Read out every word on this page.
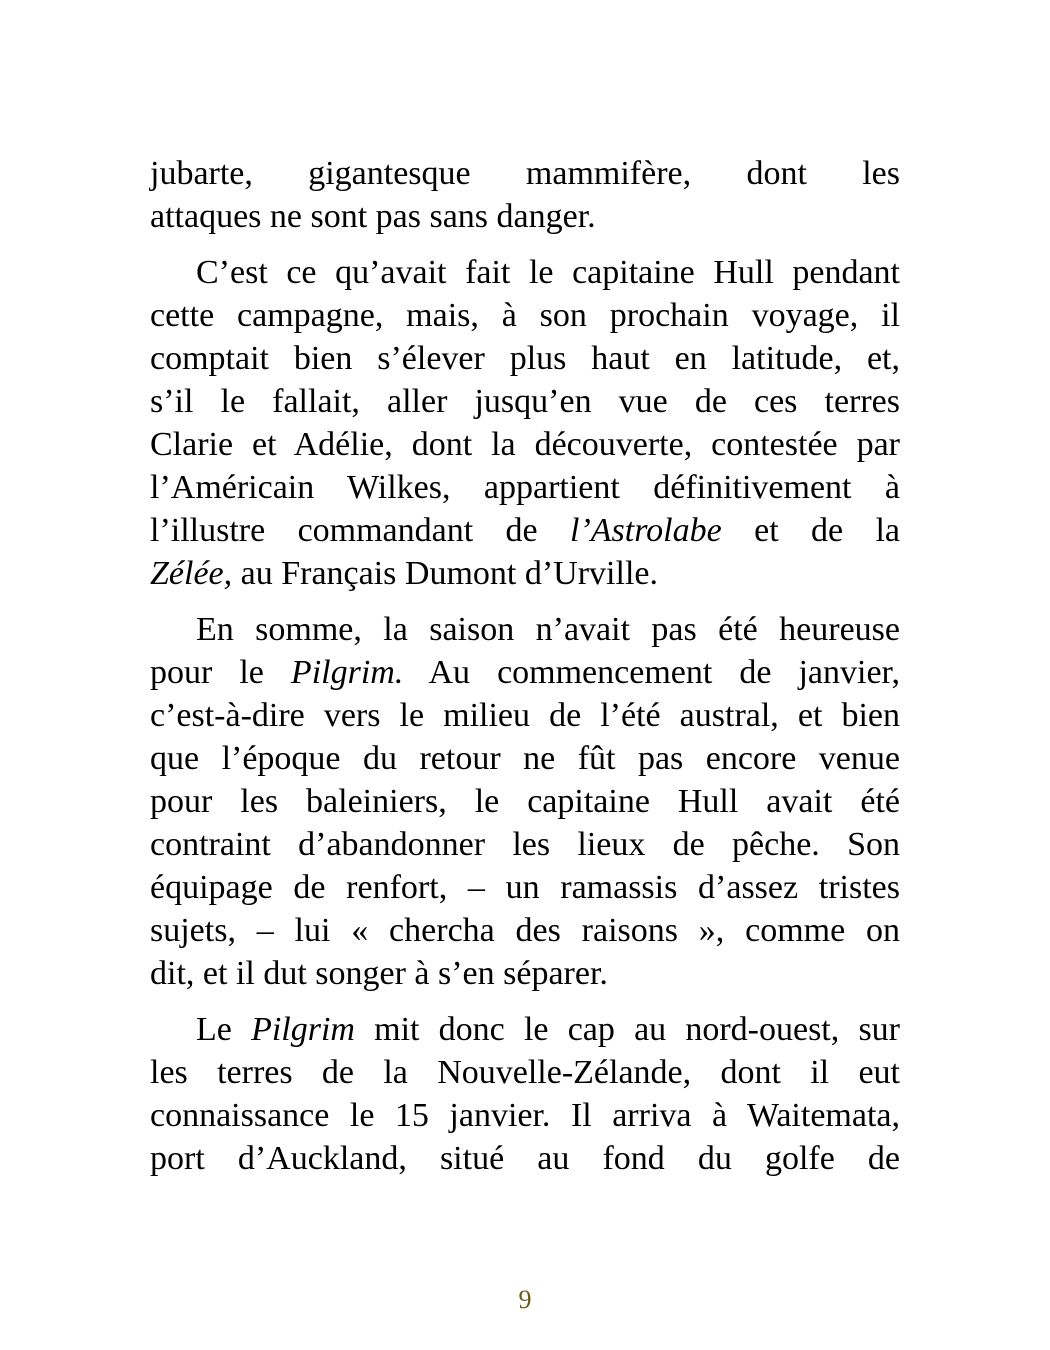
jubarte, gigantesque mammifère, dont les
attaques ne sont pas sans danger.
C’est ce qu’avait fait le capitaine Hull pendant
cette campagne, mais, à son prochain voyage, il
comptait bien s’élever plus haut en latitude, et,
s’il le fallait, aller jusqu’en vue de ces terres
Clarie et Adélie, dont la découverte, contestée par
l’Américain Wilkes, appartient définitivement à
l’illustre commandant de l’Astrolabe et de la
Zélée, au Français Dumont d’Urville.
En somme, la saison n’avait pas été heureuse
pour le Pilgrim. Au commencement de janvier,
c’est-à-dire vers le milieu de l’été austral, et bien
que l’époque du retour ne fût pas encore venue
pour les baleiniers, le capitaine Hull avait été
contraint d’abandonner les lieux de pêche. Son
équipage de renfort, – un ramassis d’assez tristes
sujets, – lui « chercha des raisons », comme on
dit, et il dut songer à s’en séparer.
Le Pilgrim mit donc le cap au nord-ouest, sur
les terres de la Nouvelle-Zélande, dont il eut
connaissance le 15 janvier. Il arriva à Waitemata,
port d’Auckland, situé au fond du golfe de
9
